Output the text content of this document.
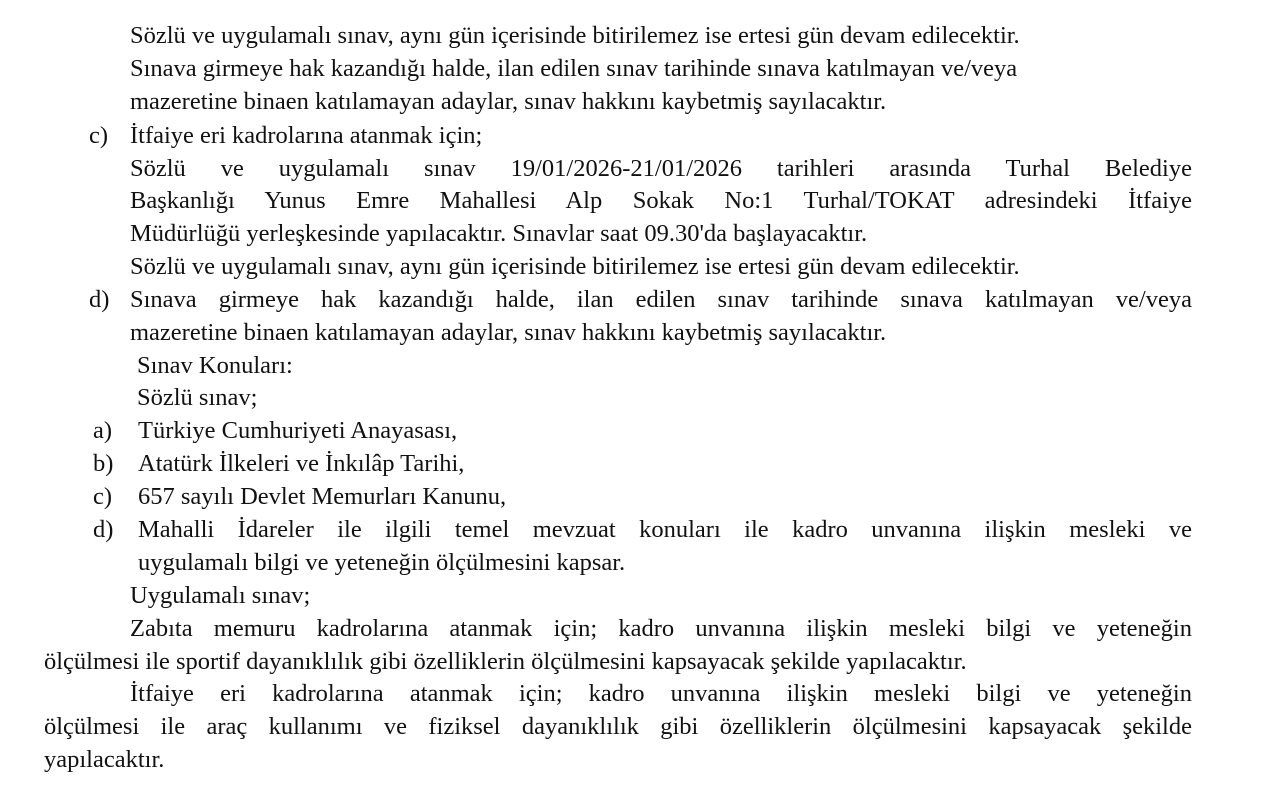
Sözlü ve uygulamalı sınav, aynı gün içerisinde bitirilemez ise ertesi gün devam edilecektir.
Sınava girmeye hak kazandığı halde, ilan edilen sınav tarihinde sınava katılmayan ve/veya
mazeretine binaen katılamayan adaylar, sınav hakkını kaybetmiş sayılacaktır.
c) İtfaiye eri kadrolarına atanmak için;
Sözlü ve uygulamalı sınav 19/01/2026-21/01/2026 tarihleri arasında Turhal Belediye
Başkanlığı Yunus Emre Mahallesi Alp Sokak No:1 Turhal/TOKAT adresindeki İtfaiye
Müdürlüğü yerleşkesinde yapılacaktır. Sınavlar saat 09.30'da başlayacaktır.
Sözlü ve uygulamalı sınav, aynı gün içerisinde bitirilemez ise ertesi gün devam edilecektir.
d) Sınava girmeye hak kazandığı halde, ilan edilen sınav tarihinde sınava katılmayan ve/veya
mazeretine binaen katılamayan adaylar, sınav hakkını kaybetmiş sayılacaktır.
Sınav Konuları:
Sözlü sınav;
a) Türkiye Cumhuriyeti Anayasası,
b) Atatürk İlkeleri ve İnkılâp Tarihi,
c) 657 sayılı Devlet Memurları Kanunu,
d) Mahalli İdareler ile ilgili temel mevzuat konuları ile kadro unvanına ilişkin mesleki ve
uygulamalı bilgi ve yeteneğin ölçülmesini kapsar.
Uygulamalı sınav;
Zabıta memuru kadrolarına atanmak için; kadro unvanına ilişkin mesleki bilgi ve yeteneğin
ölçülmesi ile sportif dayanıklılık gibi özelliklerin ölçülmesini kapsayacak şekilde yapılacaktır.
İtfaiye eri kadrolarına atanmak için; kadro unvanına ilişkin mesleki bilgi ve yeteneğin
ölçülmesi ile araç kullanımı ve fiziksel dayanıklılık gibi özelliklerin ölçülmesini kapsayacak şekilde
yapılacaktır.
